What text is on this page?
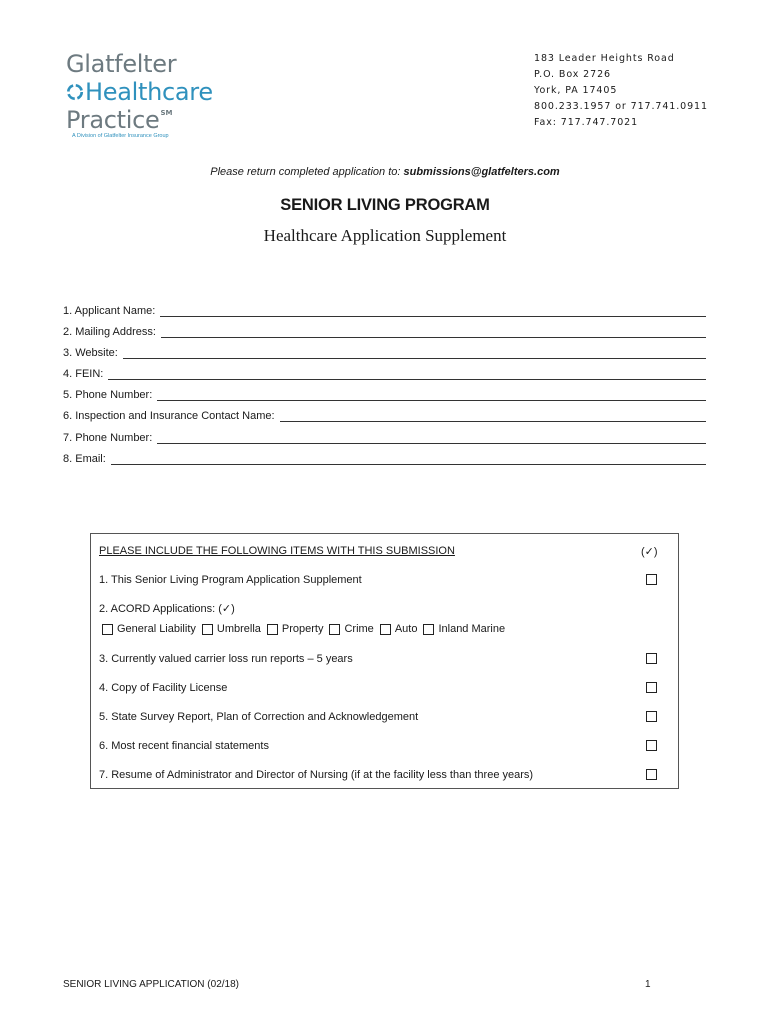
Glatfelter
Healthcare
Practice℠
A Division of Glatfelter Insurance Group
183 Leader Heights Road
P.O. Box 2726
York, PA 17405
800.233.1957 or 717.741.0911
Fax: 717.747.7021
Please return completed application to: submissions@glatfelters.com
SENIOR LIVING PROGRAM
Healthcare Application Supplement
1. Applicant Name:
2. Mailing Address:
3. Website:
4. FEIN:
5. Phone Number:
6. Inspection and Insurance Contact Name:
7. Phone Number:
8. Email:
PLEASE INCLUDE THE FOLLOWING ITEMS WITH THIS SUBMISSION	(✓)
1. This Senior Living Program Application Supplement
2. ACORD Applications: (✓)
General Liability Umbrella Property Crime Auto Inland Marine
3. Currently valued carrier loss run reports – 5 years
4. Copy of Facility License
5. State Survey Report, Plan of Correction and Acknowledgement
6. Most recent financial statements
7. Resume of Administrator and Director of Nursing (if at the facility less than three years)
SENIOR LIVING APPLICATION (02/18)	1
